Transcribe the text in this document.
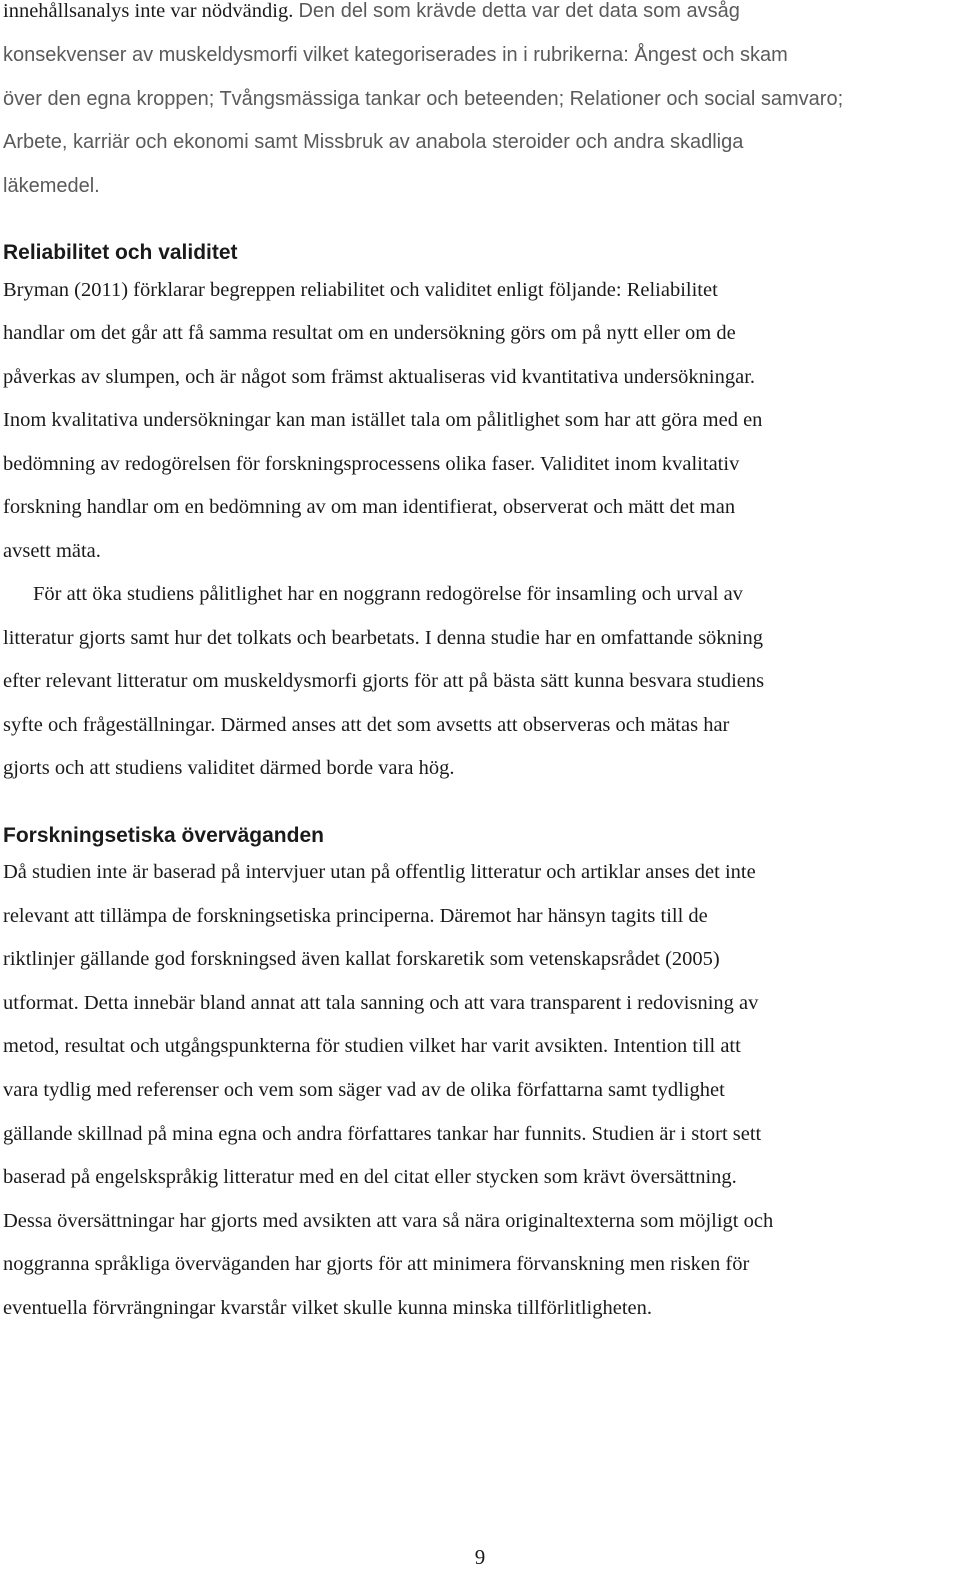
innehållsanalys inte var nödvändig. Den del som krävde detta var det data som avsåg
konsekvenser av muskeldysmorfi vilket kategoriserades in i rubrikerna: Ångest och skam
över den egna kroppen; Tvångsmässiga tankar och beteenden; Relationer och social samvaro;
Arbete, karriär och ekonomi samt Missbruk av anabola steroider och andra skadliga
läkemedel.
Reliabilitet och validitet
Bryman (2011) förklarar begreppen reliabilitet och validitet enligt följande: Reliabilitet
handlar om det går att få samma resultat om en undersökning görs om på nytt eller om de
påverkas av slumpen, och är något som främst aktualiseras vid kvantitativa undersökningar.
Inom kvalitativa undersökningar kan man istället tala om pålitlighet som har att göra med en
bedömning av redogörelsen för forskningsprocessens olika faser. Validitet inom kvalitativ
forskning handlar om en bedömning av om man identifierat, observerat och mätt det man
avsett mäta.
För att öka studiens pålitlighet har en noggrann redogörelse för insamling och urval av
litteratur gjorts samt hur det tolkats och bearbetats. I denna studie har en omfattande sökning
efter relevant litteratur om muskeldysmorfi gjorts för att på bästa sätt kunna besvara studiens
syfte och frågeställningar. Därmed anses att det som avsetts att observeras och mätas har
gjorts och att studiens validitet därmed borde vara hög.
Forskningsetiska överväganden
Då studien inte är baserad på intervjuer utan på offentlig litteratur och artiklar anses det inte
relevant att tillämpa de forskningsetiska principerna. Däremot har hänsyn tagits till de
riktlinjer gällande god forskningsed även kallat forskaretik som vetenskapsrådet (2005)
utformat. Detta innebär bland annat att tala sanning och att vara transparent i redovisning av
metod, resultat och utgångspunkterna för studien vilket har varit avsikten. Intention till att
vara tydlig med referenser och vem som säger vad av de olika författarna samt tydlighet
gällande skillnad på mina egna och andra författares tankar har funnits. Studien är i stort sett
baserad på engelskspråkig litteratur med en del citat eller stycken som krävt översättning.
Dessa översättningar har gjorts med avsikten att vara så nära originaltexterna som möjligt och
noggranna språkliga överväganden har gjorts för att minimera förvanskning men risken för
eventuella förvrängningar kvarstår vilket skulle kunna minska tillförlitligheten.
9
